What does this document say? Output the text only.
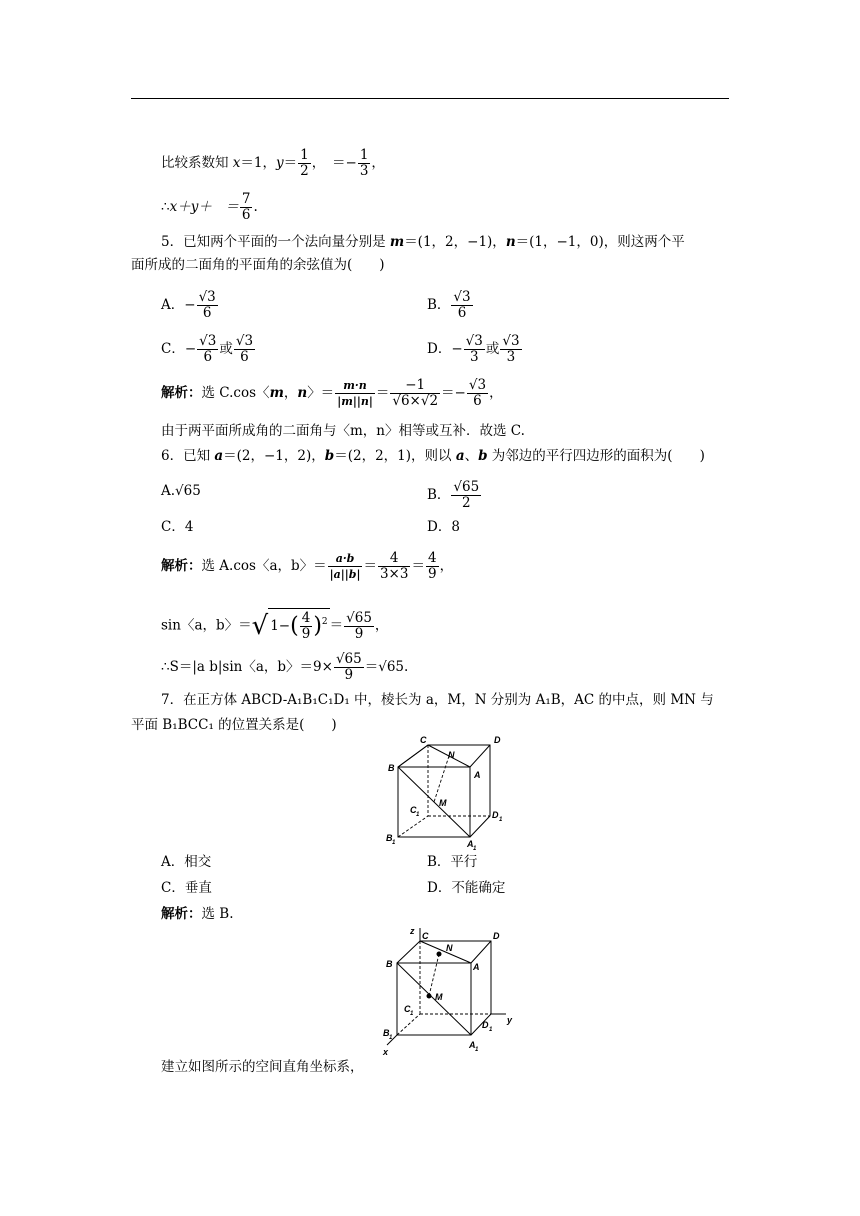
比较系数知 x＝1，$y= \frac{1}{2}$ ，　＝− $\frac{1}{3}$ ，
∴x＋y＋　＝ $\frac{7}{6}$ .
5．已知两个平面的一个法向量分别是 m＝(1，2，−1)，n＝(1，−1，0)，则这两个平
面所成的二面角的平面角的余弦值为(　　)
A．− $\frac{√3}{6}$	B． $\frac{√3}{6}$
C．− $\frac{√3}{6}$ 或 $\frac{√3}{6}$	D．− $\frac{√3}{3}$ 或 $\frac{√3}{3}$
解析：选 C.cos〈m，n〉＝ $\frac{m\cdot n}{|m||n|} = \frac{-1}{√6\times√2} =- \frac{√3}{6}$ ，
由于两平面所成角的二面角与〈m，n〉相等或互补．故选 C.
6．已知 a＝(2，−1，2)，b＝(2，2，1)，则以 a、b 为邻边的平行四边形的面积为(　　)
A.√65	B． $\frac{√65}{2}$
C．4	D．8
解析：选 A.cos〈a，b〉＝ $\frac{a\cdot b}{|a||b|} = \frac{4}{3\times 3} = \frac{4}{9}$ ，
sin〈a，b〉＝√ $1-( \frac{4}{9} )^2 = \frac{√65}{9}$ ，
∴S＝|a b|sin〈a，b〉$=9\times \frac{√65}{9} =√65$.
7．在正方体 ABCD-A₁B₁C₁D₁ 中，棱长为 a，M，N 分别为 A₁B，AC 的中点，则 MN 与
平面 B₁BCC₁ 的位置关系是(　　)
C
N
D
B
A
C 1
M
D 1
B 1	A 1
A．相交	B．平行
C．垂直	D．不能确定
解析：选 B.
z C
N
D
B	A
M
C 1
B 1
D 1
y
A 1
x
建立如图所示的空间直角坐标系，
